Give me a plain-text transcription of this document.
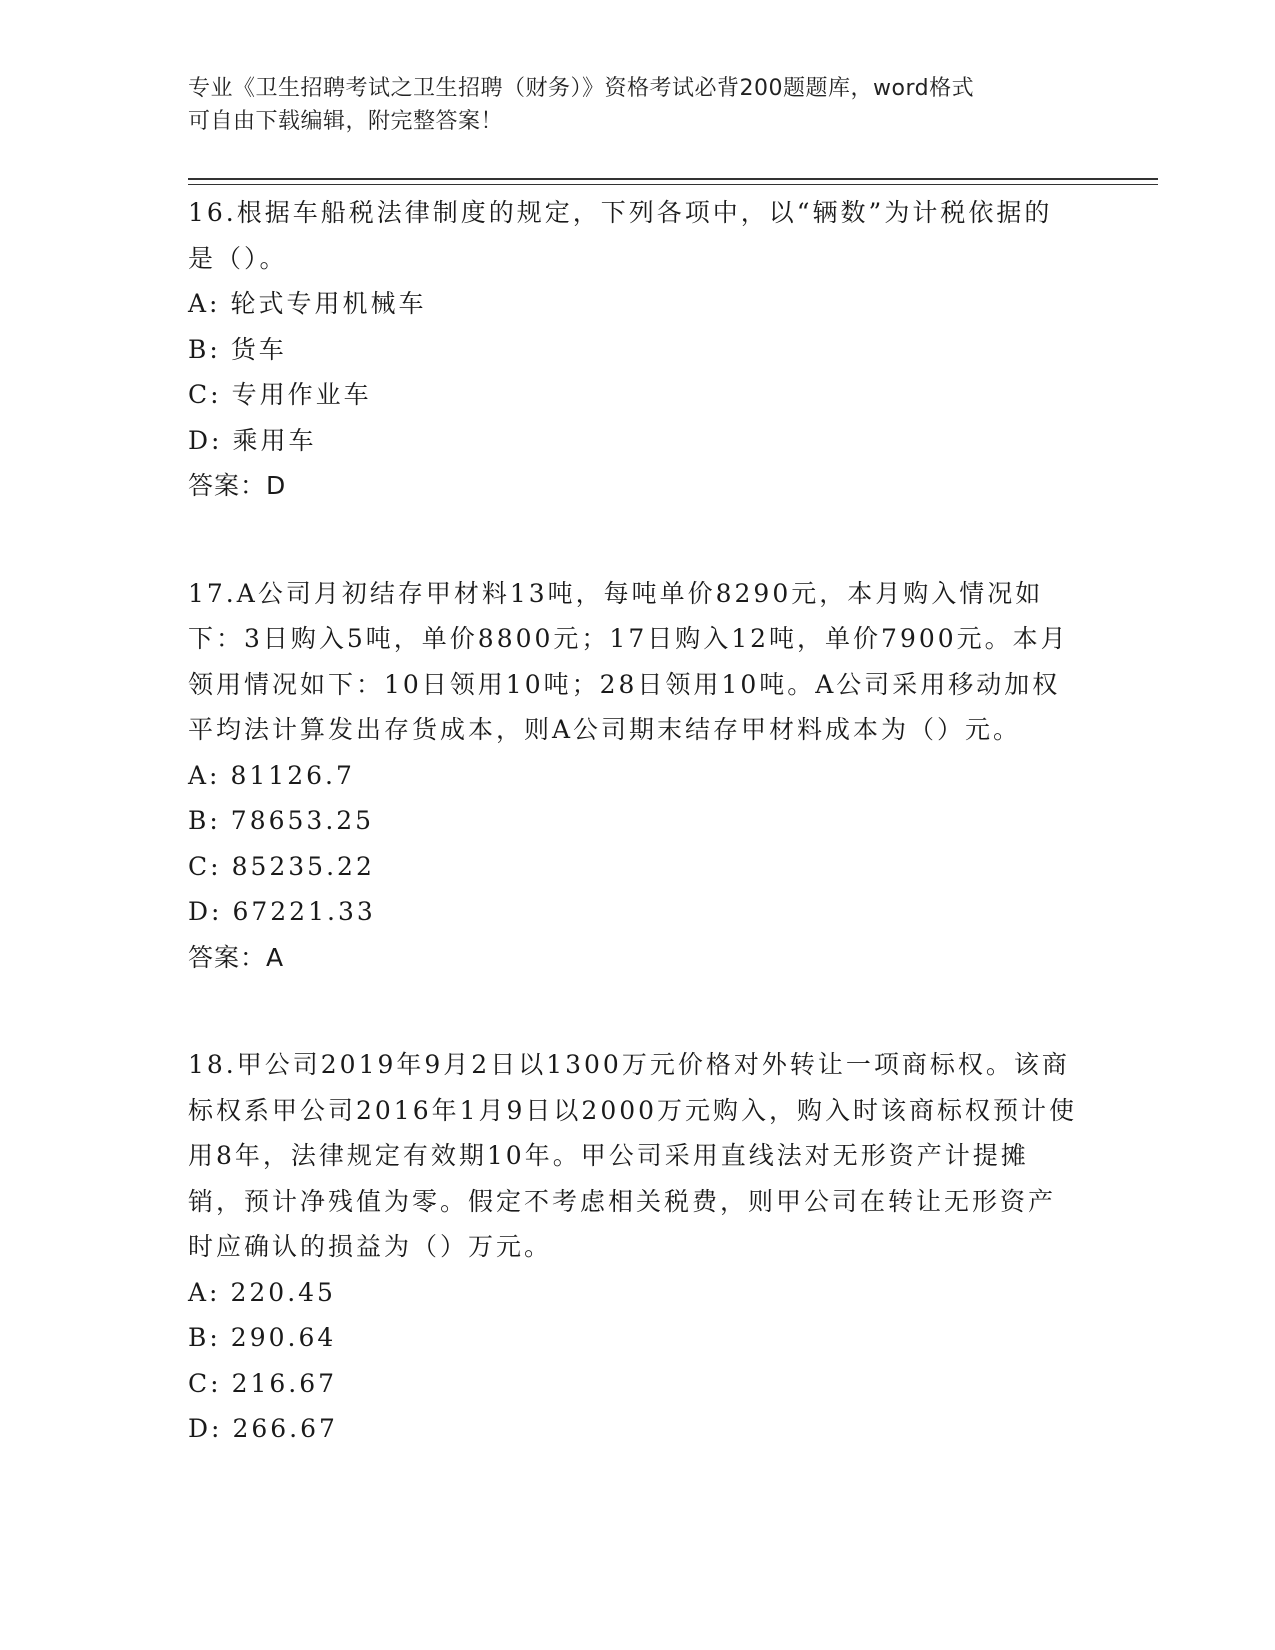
专业《卫生招聘考试之卫生招聘（财务）》资格考试必背200题题库，word格式
可自由下载编辑，附完整答案！

16.根据车船税法律制度的规定，下列各项中，以“辆数”为计税依据的是（）。

A: 轮式专用机械车
B: 货车
C: 专用作业车
D: 乘用车
答案：D

17.A公司月初结存甲材料13吨，每吨单价8290元，本月购入情况如下：3日购入5吨，单价8800元；17日购入12吨，单价7900元。本月领用情况如下：10日领用10吨；28日领用10吨。A公司采用移动加权平均法计算发出存货成本，则A公司期末结存甲材料成本为（）元。

A: 81126.7
B: 78653.25
C: 85235.22
D: 67221.33
答案：A

18.甲公司2019年9月2日以1300万元价格对外转让一项商标权。该商标权系甲公司2016年1月9日以2000万元购入，购入时该商标权预计使用8年，法律规定有效期10年。甲公司采用直线法对无形资产计提摊销，预计净残值为零。假定不考虑相关税费，则甲公司在转让无形资产时应确认的损益为（）万元。

A: 220.45
B: 290.64
C: 216.67
D: 266.67
